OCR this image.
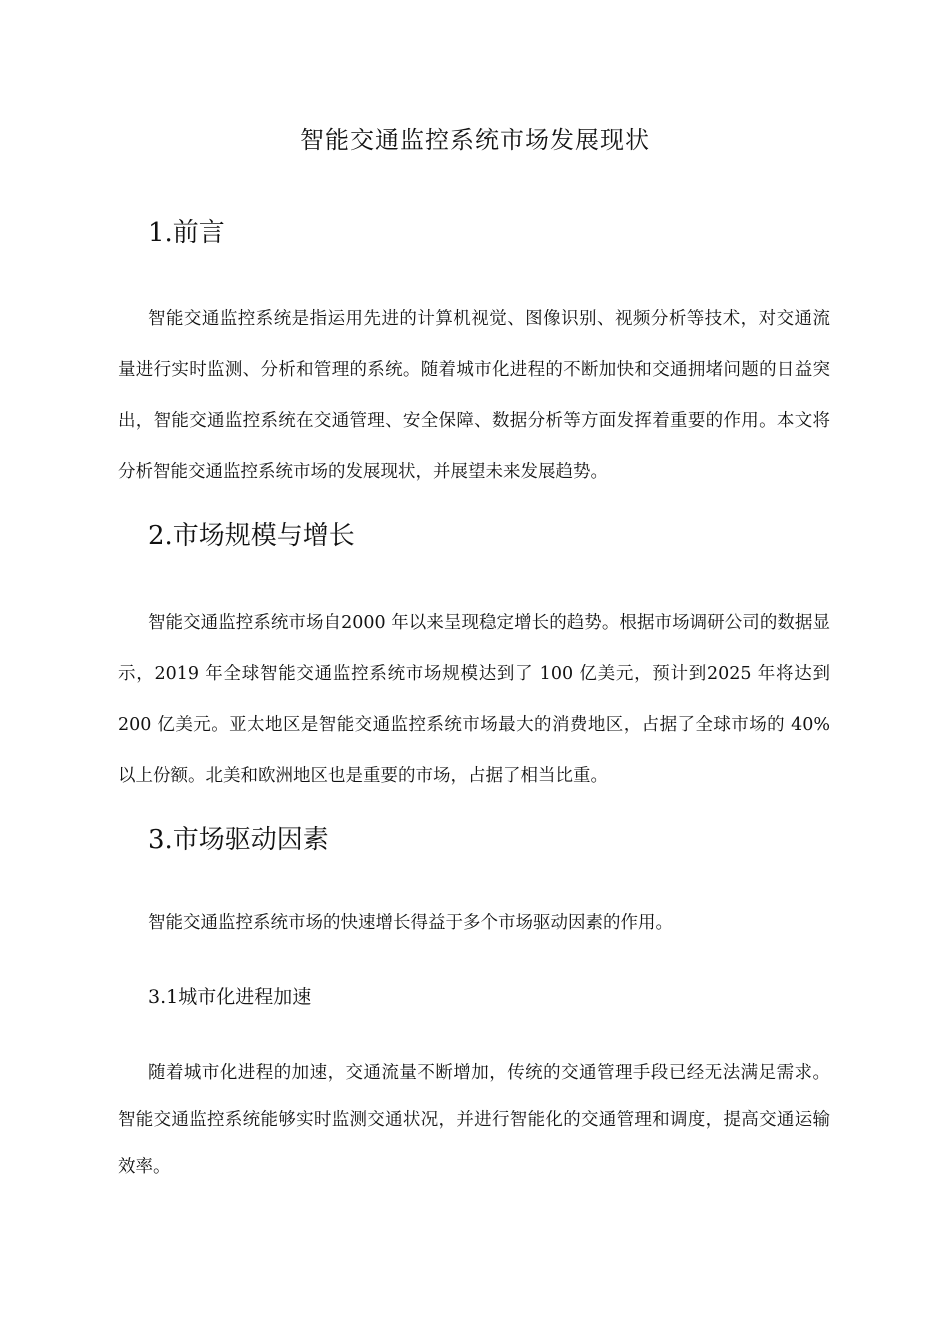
智能交通监控系统市场发展现状
1.前言

智能交通监控系统是指运用先进的计算机视觉、图像识别、视频分析等技术，对交通流量进行实时监测、分析和管理的系统。随着城市化进程的不断加快和交通拥堵问题的日益突出，智能交通监控系统在交通管理、安全保障、数据分析等方面发挥着重要的作用。本文将分析智能交通监控系统市场的发展现状，并展望未来发展趋势。

2.市场规模与增长

智能交通监控系统市场自2000 年以来呈现稳定增长的趋势。根据市场调研公司的数据显示，2019 年全球智能交通监控系统市场规模达到了 100 亿美元，预计到2025 年将达到200 亿美元。亚太地区是智能交通监控系统市场最大的消费地区，占据了全球市场的 40% 以上份额。北美和欧洲地区也是重要的市场，占据了相当比重。

3.市场驱动因素

智能交通监控系统市场的快速增长得益于多个市场驱动因素的作用。

3.1城市化进程加速

随着城市化进程的加速，交通流量不断增加，传统的交通管理手段已经无法满足需求。智能交通监控系统能够实时监测交通状况，并进行智能化的交通管理和调度，提高交通运输效率。
